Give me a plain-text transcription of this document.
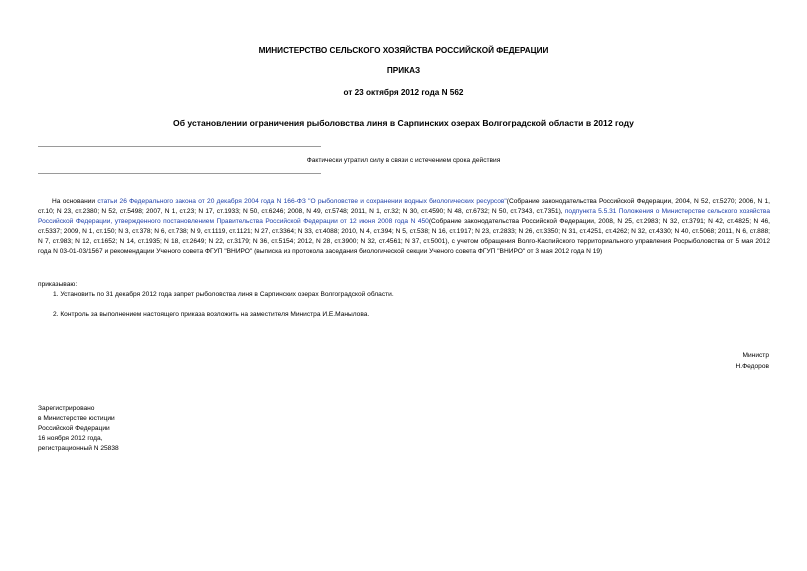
МИНИСТЕРСТВО СЕЛЬСКОГО ХОЗЯЙСТВА РОССИЙСКОЙ ФЕДЕРАЦИИ
ПРИКАЗ
от 23 октября 2012 года N 562
Об установлении ограничения рыболовства линя в Сарпинских озерах Волгоградской области в 2012 году
Фактически утратил силу в связи с истечением срока действия
На основании статьи 26 Федерального закона от 20 декабря 2004 года N 166-ФЗ "О рыболовстве и сохранении водных биологических ресурсов"(Собрание законодательства Российской Федерации, 2004, N 52, ст.5270; 2006, N 1, ст.10; N 23, ст.2380; N 52, ст.5498; 2007, N 1, ст.23; N 17, ст.1933; N 50, ст.6246; 2008, N 49, ст.5748; 2011, N 1, ст.32; N 30, ст.4590; N 48, ст.6732; N 50, ст.7343, ст.7351), подпункта 5.5.31 Положения о Министерстве сельского хозяйства Российской Федерации, утвержденного постановлением Правительства Российской Федерации от 12 июня 2008 года N 450(Собрание законодательства Российской Федерации, 2008, N 25, ст.2983; N 32, ст.3791; N 42, ст.4825; N 46, ст.5337; 2009, N 1, ст.150; N 3, ст.378; N 6, ст.738; N 9, ст.1119, ст.1121; N 27, ст.3364; N 33, ст.4088; 2010, N 4, ст.394; N 5, ст.538; N 16, ст.1917; N 23, ст.2833; N 26, ст.3350; N 31, ст.4251, ст.4262; N 32, ст.4330; N 40, ст.5068; 2011, N 6, ст.888; N 7, ст.983; N 12, ст.1652; N 14, ст.1935; N 18, ст.2649; N 22, ст.3179; N 36, ст.5154; 2012, N 28, ст.3900; N 32, ст.4561; N 37, ст.5001), с учетом обращения Волго-Каспийского территориального управления Росрыболовства от 5 мая 2012 года N 03-01-03/1567 и рекомендации Ученого совета ФГУП "ВНИРО" (выписка из протокола заседания биологической секции Ученого совета ФГУП "ВНИРО" от 3 мая 2012 года N 19)
приказываю:
1. Установить по 31 декабря 2012 года запрет рыболовства линя в Сарпинских озерах Волгоградской области.
2. Контроль за выполнением настоящего приказа возложить на заместителя Министра И.Е.Манылова.
Министр
Н.Федоров
Зарегистрировано
в Министерстве юстиции
Российской Федерации
16 ноября 2012 года,
регистрационный N 25838
